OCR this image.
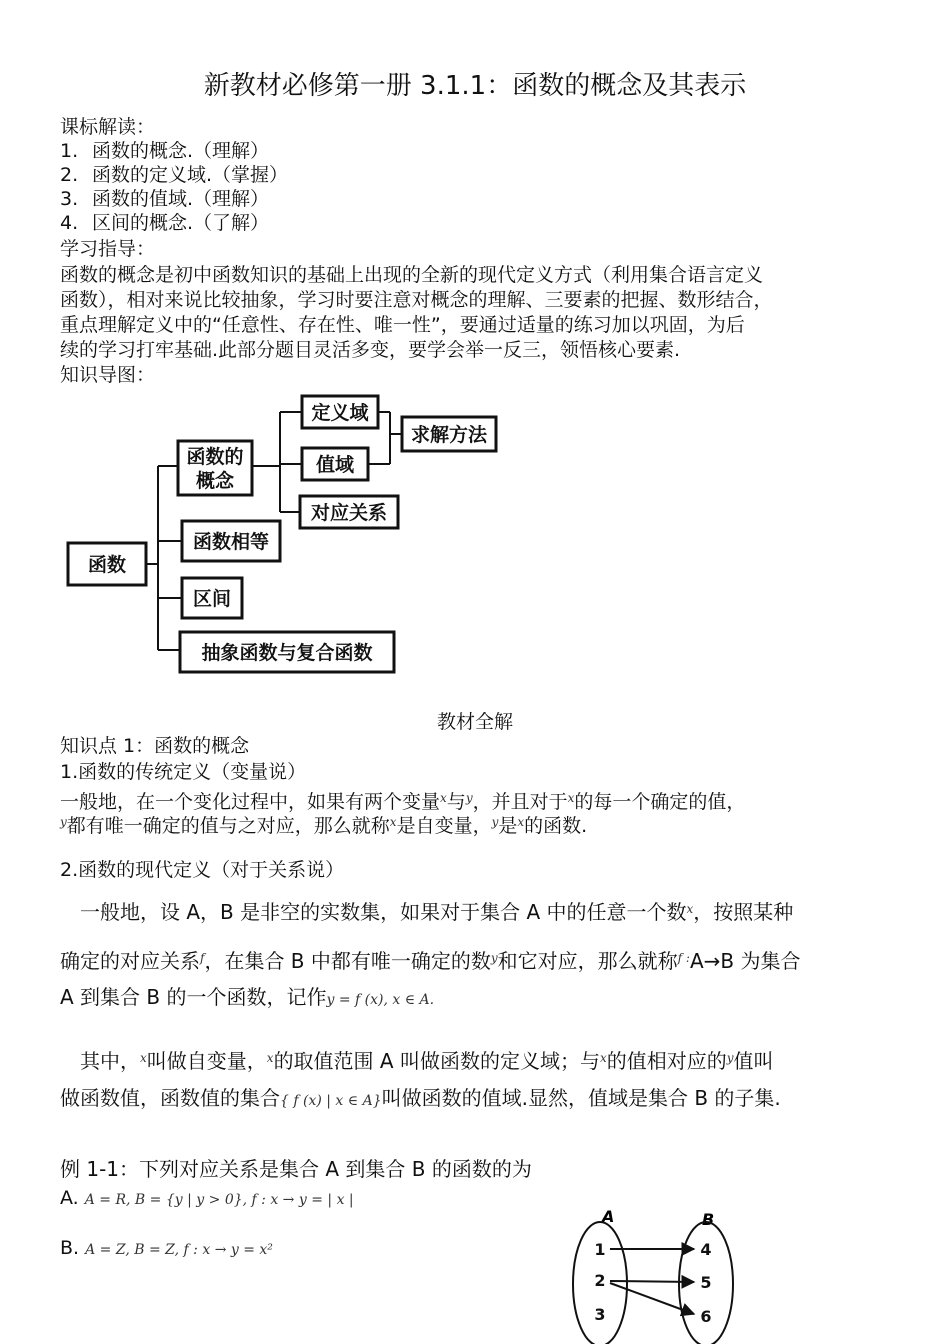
新教材必修第一册 3.1.1：函数的概念及其表示
课标解读：
1. 函数的概念.（理解）
2. 函数的定义域.（掌握）
3. 函数的值域.（理解）
4. 区间的概念.（了解）
学习指导：
函数的概念是初中函数知识的基础上出现的全新的现代定义方式（利用集合语言定义
函数），相对来说比较抽象，学习时要注意对概念的理解、三要素的把握、数形结合，
重点理解定义中的“任意性、存在性、唯一性”，要通过适量的练习加以巩固，为后
续的学习打牢基础.此部分题目灵活多变，要学会举一反三，领悟核心要素.
知识导图：
函数
函数的
概念
函数相等
区间
抽象函数与复合函数
定义域
值域
对应关系
求解方法
教材全解
知识点 1：函数的概念
1.函数的传统定义（变量说）
一般地，在一个变化过程中，如果有两个变量$^x$与$^y$，并且对于$^x$的每一个确定的值，
$^y$都有唯一确定的值与之对应，那么就称$^x$是自变量，$^y$是$^x$的函数.
2.函数的现代定义（对于关系说）
　一般地，设 A，B 是非空的实数集，如果对于集合 A 中的任意一个数$^x$，按照某种
确定的对应关系$^f$，在集合 B 中都有唯一确定的数$^y$和它对应，那么就称$^{f :}$A→B 为集合
A 到集合 B 的一个函数，记作y = f (x), x ∈ A.
　其中，$^x$叫做自变量，$^x$的取值范围 A 叫做函数的定义域；与$^x$的值相对应的$^y$值叫
做函数值，函数值的集合{ f (x) | x ∈ A}叫做函数的值域.显然，值域是集合 B 的子集.
例 1-1：下列对应关系是集合 A 到集合 B 的函数的为
A. A = R, B = {y | y > 0}, f : x → y = | x |
B. A = Z, B = Z, f : x → y = x²
A	B
1
2
3
4
5
6
